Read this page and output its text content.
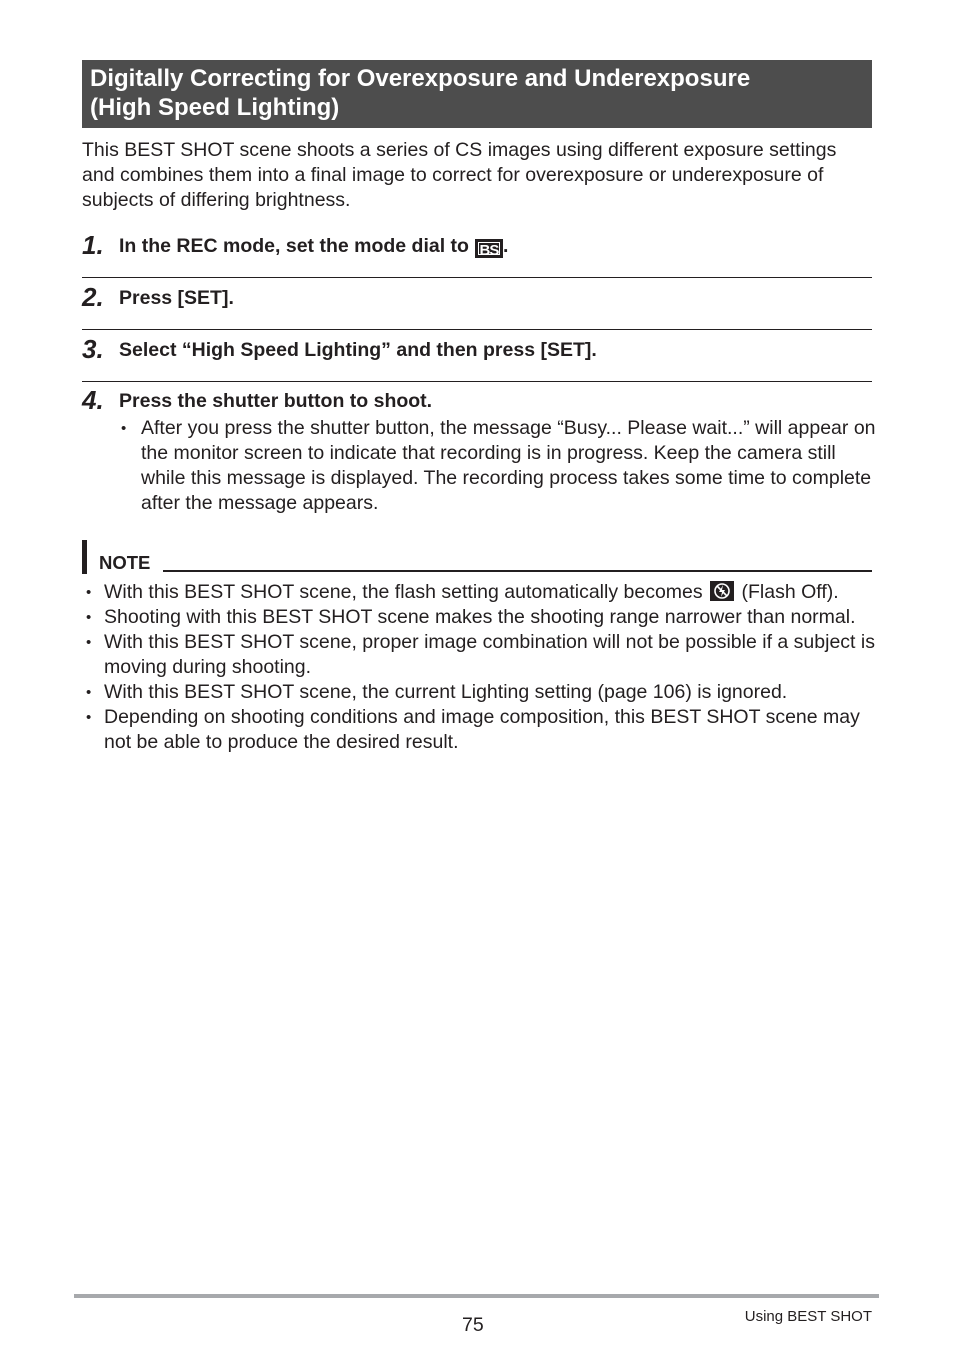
Digitally Correcting for Overexposure and Underexposure
(High Speed Lighting)
This BEST SHOT scene shoots a series of CS images using different exposure settings and combines them into a final image to correct for overexposure or underexposure of subjects of differing brightness.
1. In the REC mode, set the mode dial to BS .
2. Press [SET].
3. Select “High Speed Lighting” and then press [SET].
4. Press the shutter button to shoot.
• After you press the shutter button, the message “Busy... Please wait...” will appear on the monitor screen to indicate that recording is in progress. Keep the camera still while this message is displayed. The recording process takes some time to complete after the message appears.
NOTE
• With this BEST SHOT scene, the flash setting automatically becomes (Flash Off).
• Shooting with this BEST SHOT scene makes the shooting range narrower than normal.
• With this BEST SHOT scene, proper image combination will not be possible if a subject is moving during shooting.
• With this BEST SHOT scene, the current Lighting setting (page 106) is ignored.
• Depending on shooting conditions and image composition, this BEST SHOT scene may not be able to produce the desired result.
75	Using BEST SHOT
